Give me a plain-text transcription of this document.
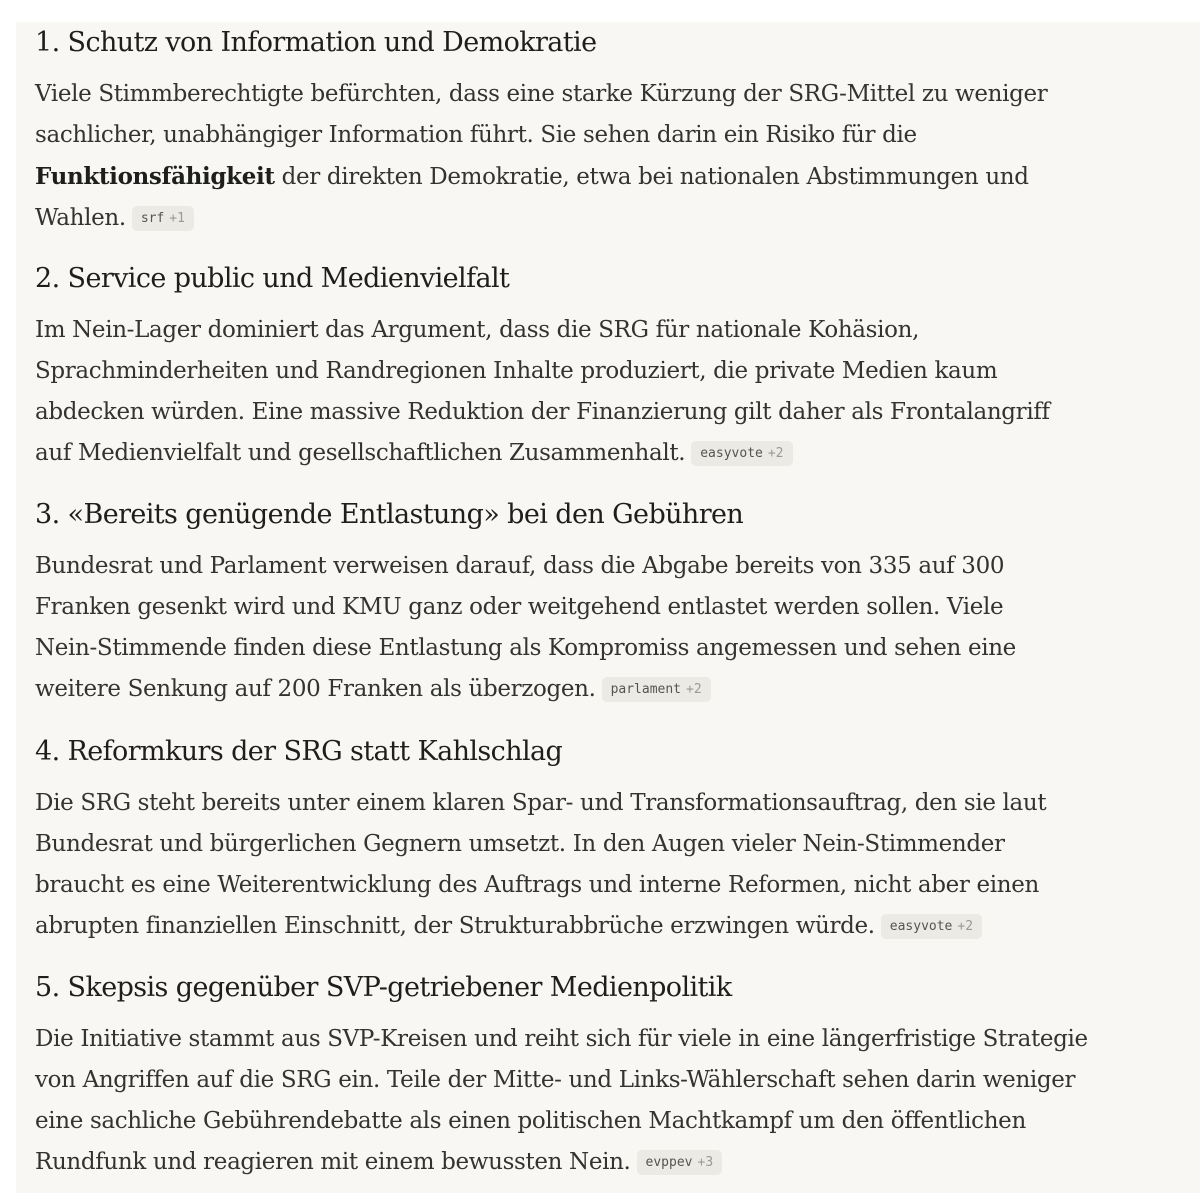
1. Schutz von Information und Demokratie

Viele Stimmberechtigte befürchten, dass eine starke Kürzung der SRG-Mittel zu weniger
sachlicher, unabhängiger Information führt. Sie sehen darin ein Risiko für die
Funktionsfähigkeit der direkten Demokratie, etwa bei nationalen Abstimmungen und
Wahlen. srf +1

2. Service public und Medienvielfalt

Im Nein-Lager dominiert das Argument, dass die SRG für nationale Kohäsion,
Sprachminderheiten und Randregionen Inhalte produziert, die private Medien kaum
abdecken würden. Eine massive Reduktion der Finanzierung gilt daher als Frontalangriff
auf Medienvielfalt und gesellschaftlichen Zusammenhalt. easyvote +2

3. «Bereits genügende Entlastung» bei den Gebühren

Bundesrat und Parlament verweisen darauf, dass die Abgabe bereits von 335 auf 300
Franken gesenkt wird und KMU ganz oder weitgehend entlastet werden sollen. Viele
Nein-Stimmende finden diese Entlastung als Kompromiss angemessen und sehen eine
weitere Senkung auf 200 Franken als überzogen. parlament +2

4. Reformkurs der SRG statt Kahlschlag

Die SRG steht bereits unter einem klaren Spar- und Transformationsauftrag, den sie laut
Bundesrat und bürgerlichen Gegnern umsetzt. In den Augen vieler Nein-Stimmender
braucht es eine Weiterentwicklung des Auftrags und interne Reformen, nicht aber einen
abrupten finanziellen Einschnitt, der Strukturabbrüche erzwingen würde. easyvote +2

5. Skepsis gegenüber SVP-getriebener Medienpolitik

Die Initiative stammt aus SVP-Kreisen und reiht sich für viele in eine längerfristige Strategie
von Angriffen auf die SRG ein. Teile der Mitte- und Links-Wählerschaft sehen darin weniger
eine sachliche Gebührendebatte als einen politischen Machtkampf um den öffentlichen
Rundfunk und reagieren mit einem bewussten Nein. evppev +3
